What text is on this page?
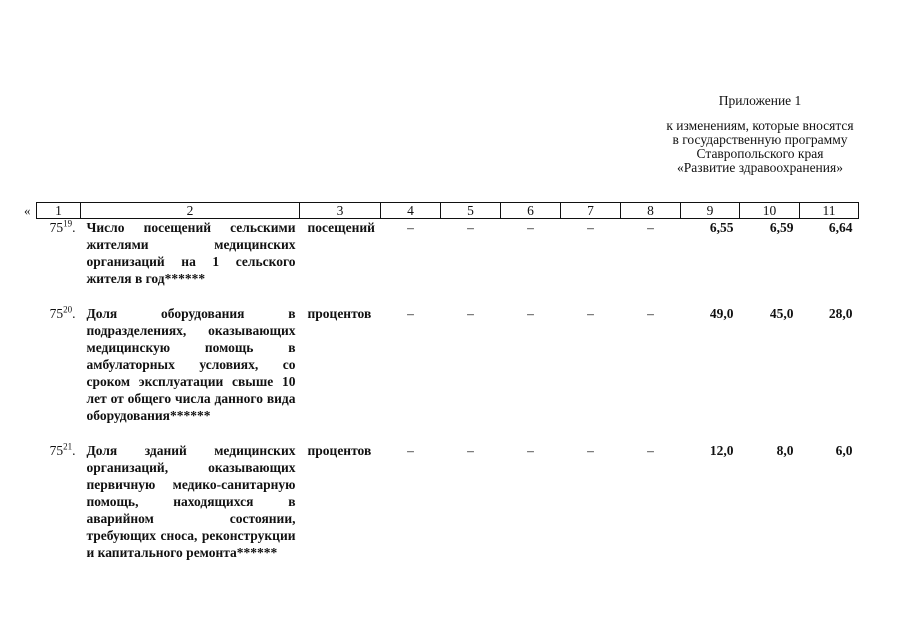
Приложение 1
к изменениям, которые вносятся
в государственную программу
Ставропольского края
«Развитие здравоохранения»
« 1	2	3	4	5	6	7	8	9	10	11
$75^{19}$.	Число посещений сельскими жителями медицинских организаций на 1 сельского жителя в год******	посещений	–	–	–	–	–	6,55	6,59	6,64
$75^{20}$.	Доля оборудования в подразделениях, оказывающих медицинскую помощь в амбулаторных условиях, со сроком эксплуатации свыше 10 лет от общего числа данного вида оборудования******	процентов	–	–	–	–	–	49,0	45,0	28,0
$75^{21}$.	Доля зданий медицинских организаций, оказывающих первичную медико-санитарную помощь, находящихся в аварийном состоянии, требующих сноса, реконструкции и капитального ремонта******	процентов	–	–	–	–	–	12,0	8,0	6,0
